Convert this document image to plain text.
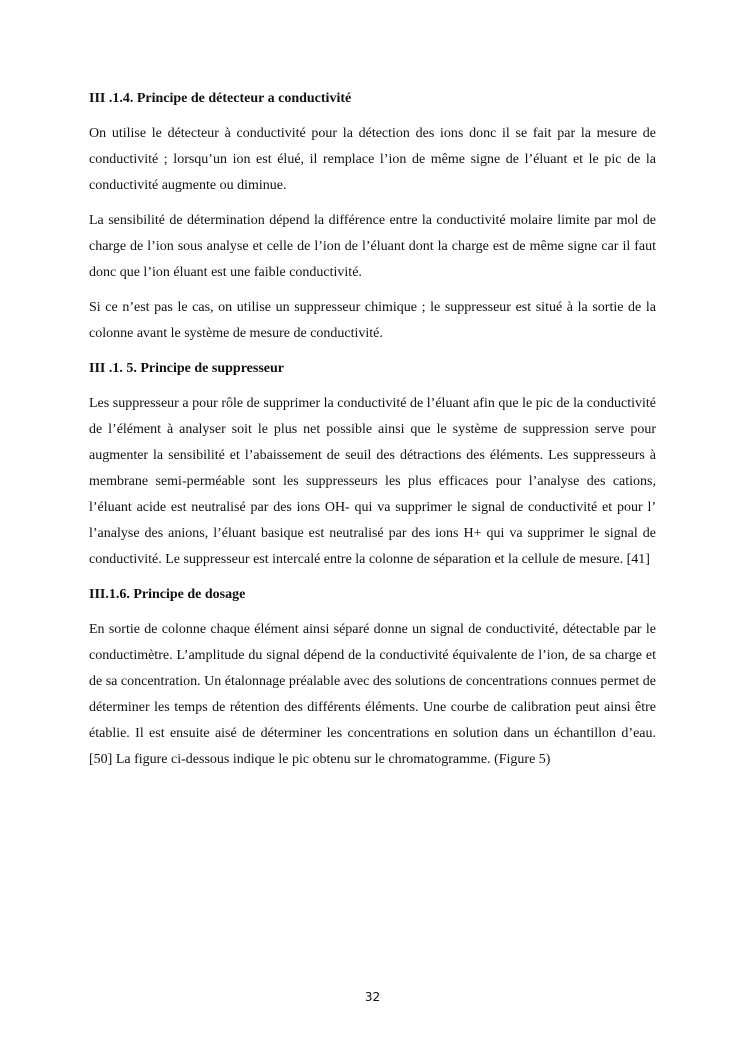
III .1.4. Principe de détecteur a conductivité

On utilise le détecteur à conductivité pour la détection des ions donc il se fait par la mesure de conductivité ; lorsqu’un ion est élué, il remplace l’ion de même signe de l’éluant et le pic de la conductivité augmente ou diminue.

La sensibilité de détermination dépend la différence entre la conductivité molaire limite par mol de charge de l’ion sous analyse et celle de l’ion de l’éluant dont la charge est de même signe car il faut donc que l’ion éluant est une faible conductivité.

Si ce n’est pas le cas, on utilise un suppresseur chimique ; le suppresseur est situé à la sortie de la colonne avant le système de mesure de conductivité.

III .1. 5. Principe de suppresseur

Les suppresseur a pour rôle de supprimer la conductivité de l’éluant afin que le pic de la conductivité de l’élément à analyser soit le plus net possible ainsi que le système de suppression serve pour augmenter la sensibilité et l’abaissement de seuil des détractions des éléments. Les suppresseurs à membrane semi-perméable sont les suppresseurs les plus efficaces pour l’analyse des cations, l’éluant acide est neutralisé par des ions OH- qui va supprimer le signal de conductivité et pour l’ l’analyse des anions, l’éluant basique est neutralisé par des ions H+ qui va supprimer le signal de conductivité. Le suppresseur est intercalé entre la colonne de séparation et la cellule de mesure. [41]

III.1.6. Principe de dosage

En sortie de colonne chaque élément ainsi séparé donne un signal de conductivité, détectable par le conductimètre. L’amplitude du signal dépend de la conductivité équivalente de l’ion, de sa charge et de sa concentration. Un étalonnage préalable avec des solutions de concentrations connues permet de déterminer les temps de rétention des différents éléments. Une courbe de calibration peut ainsi être établie. Il est ensuite aisé de déterminer les concentrations en solution dans un échantillon d’eau. [50] La figure ci-dessous indique le pic obtenu sur le chromatogramme. (Figure 5)

32
